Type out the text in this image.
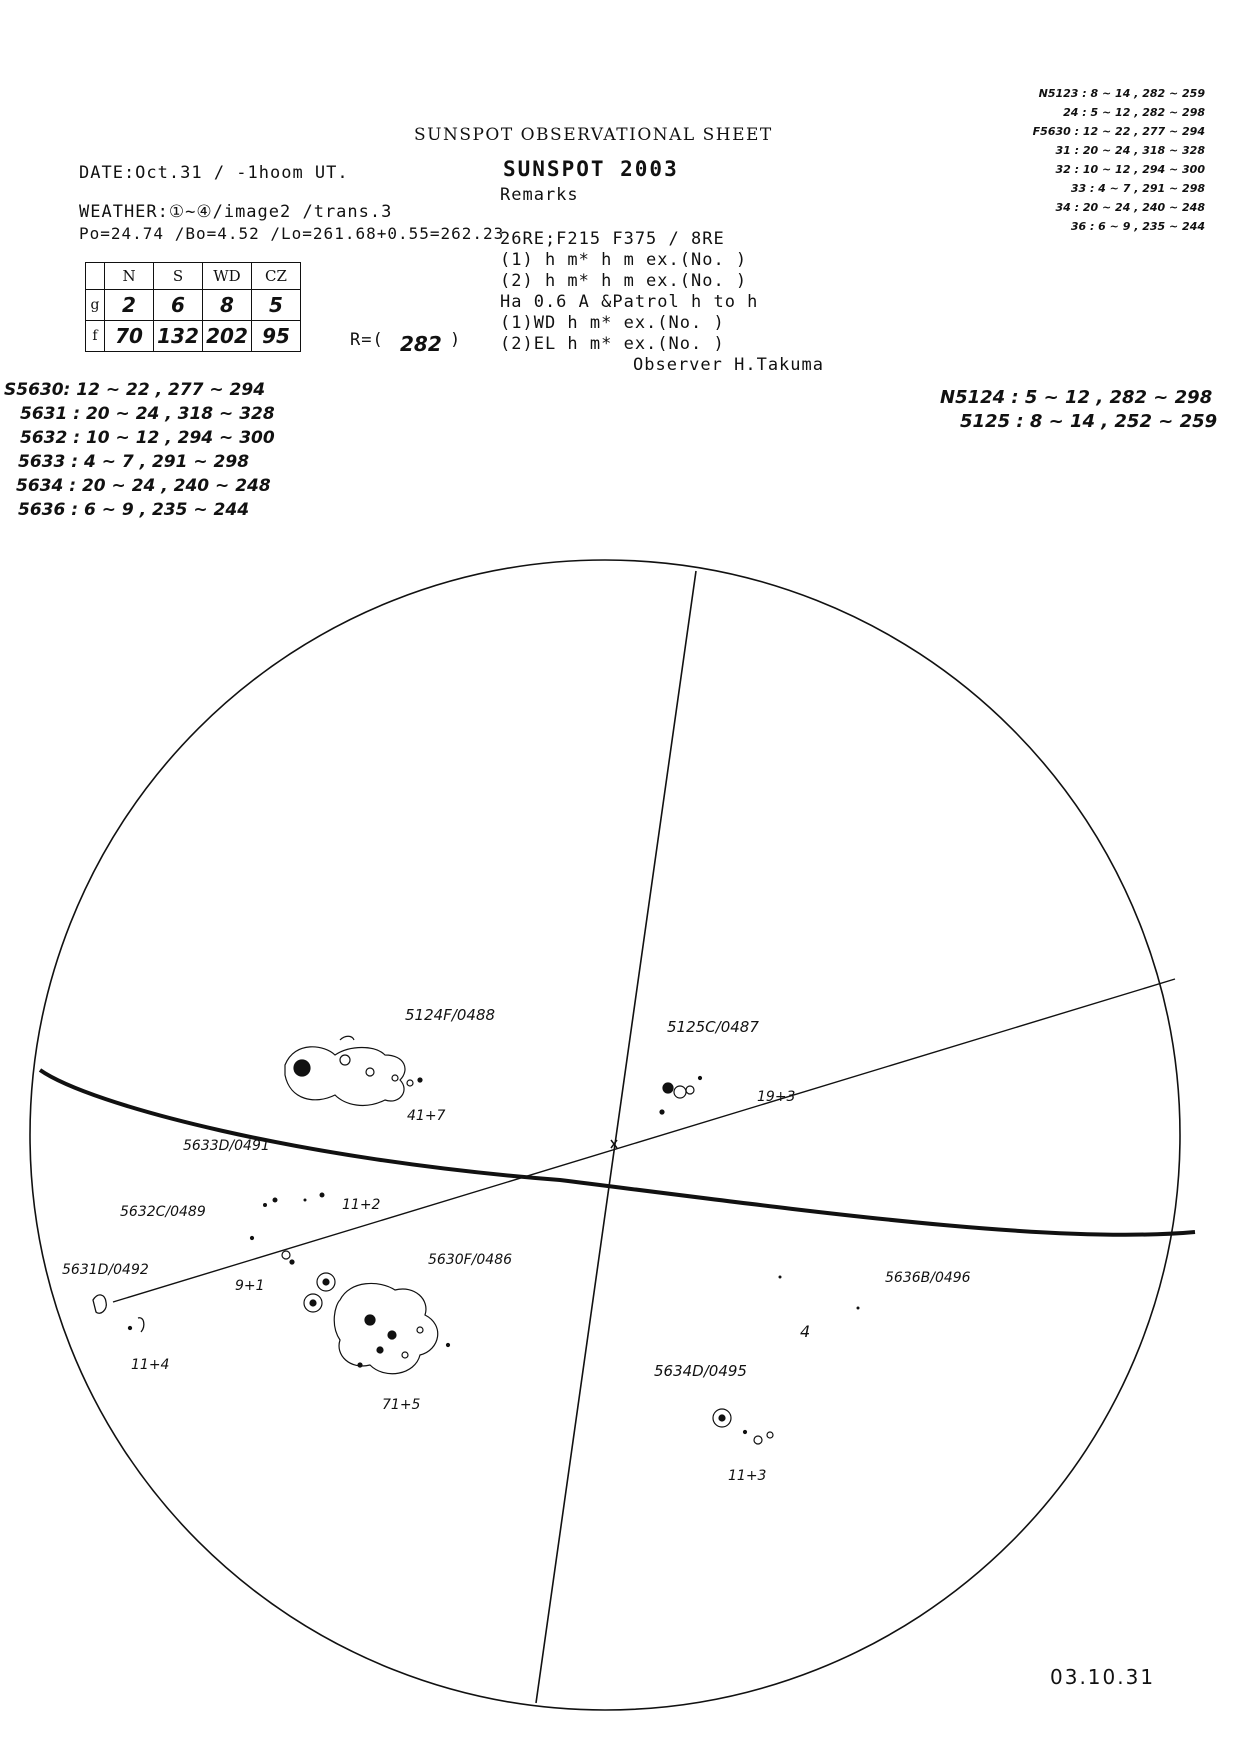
SUNSPOT OBSERVATIONAL SHEET
SUNSPOT 2003
Remarks
DATE:Oct.31 / -1hoom UT.
WEATHER:①~④/image2 /trans.3
Po=24.74 /Bo=4.52 /Lo=261.68+0.55=262.23
	N	S	WD	CZ
g	2	6	8	5
f	70	132	202	95	R=( 282 )
26RE;F215 F375 / 8RE
(1) h m* h m ex.(No. )
(2) h m* h m ex.(No. )
Ha 0.6 A &Patrol h to h
(1)WD h m* ex.(No. )
(2)EL h m* ex.(No. )
Observer H.Takuma
N5123 : 8 ~ 14 , 282 ~ 259
24 : 5 ~ 12 , 282 ~ 298
F5630 : 12 ~ 22 , 277 ~ 294
31 : 20 ~ 24 , 318 ~ 328
32 : 10 ~ 12 , 294 ~ 300
33 : 4 ~ 7 , 291 ~ 298
34 : 20 ~ 24 , 240 ~ 248
36 : 6 ~ 9 , 235 ~ 244
S5630: 12 ~ 22 , 277 ~ 294
5631 : 20 ~ 24 , 318 ~ 328
5632 : 10 ~ 12 , 294 ~ 300
5633 : 4 ~ 7 , 291 ~ 298
5634 : 20 ~ 24 , 240 ~ 248
5636 : 6 ~ 9 , 235 ~ 244
N5124 : 5 ~ 12 , 282 ~ 298
5125 : 8 ~ 14 , 252 ~ 259
5124F/0488
41+7
5125C/0487
19+3
5633D/0491
11+2
5632C/0489
9+1
5631D/0492
11+4
5630F/0486
71+5
5636B/0496
4
5634D/0495
11+3
03.10.31
